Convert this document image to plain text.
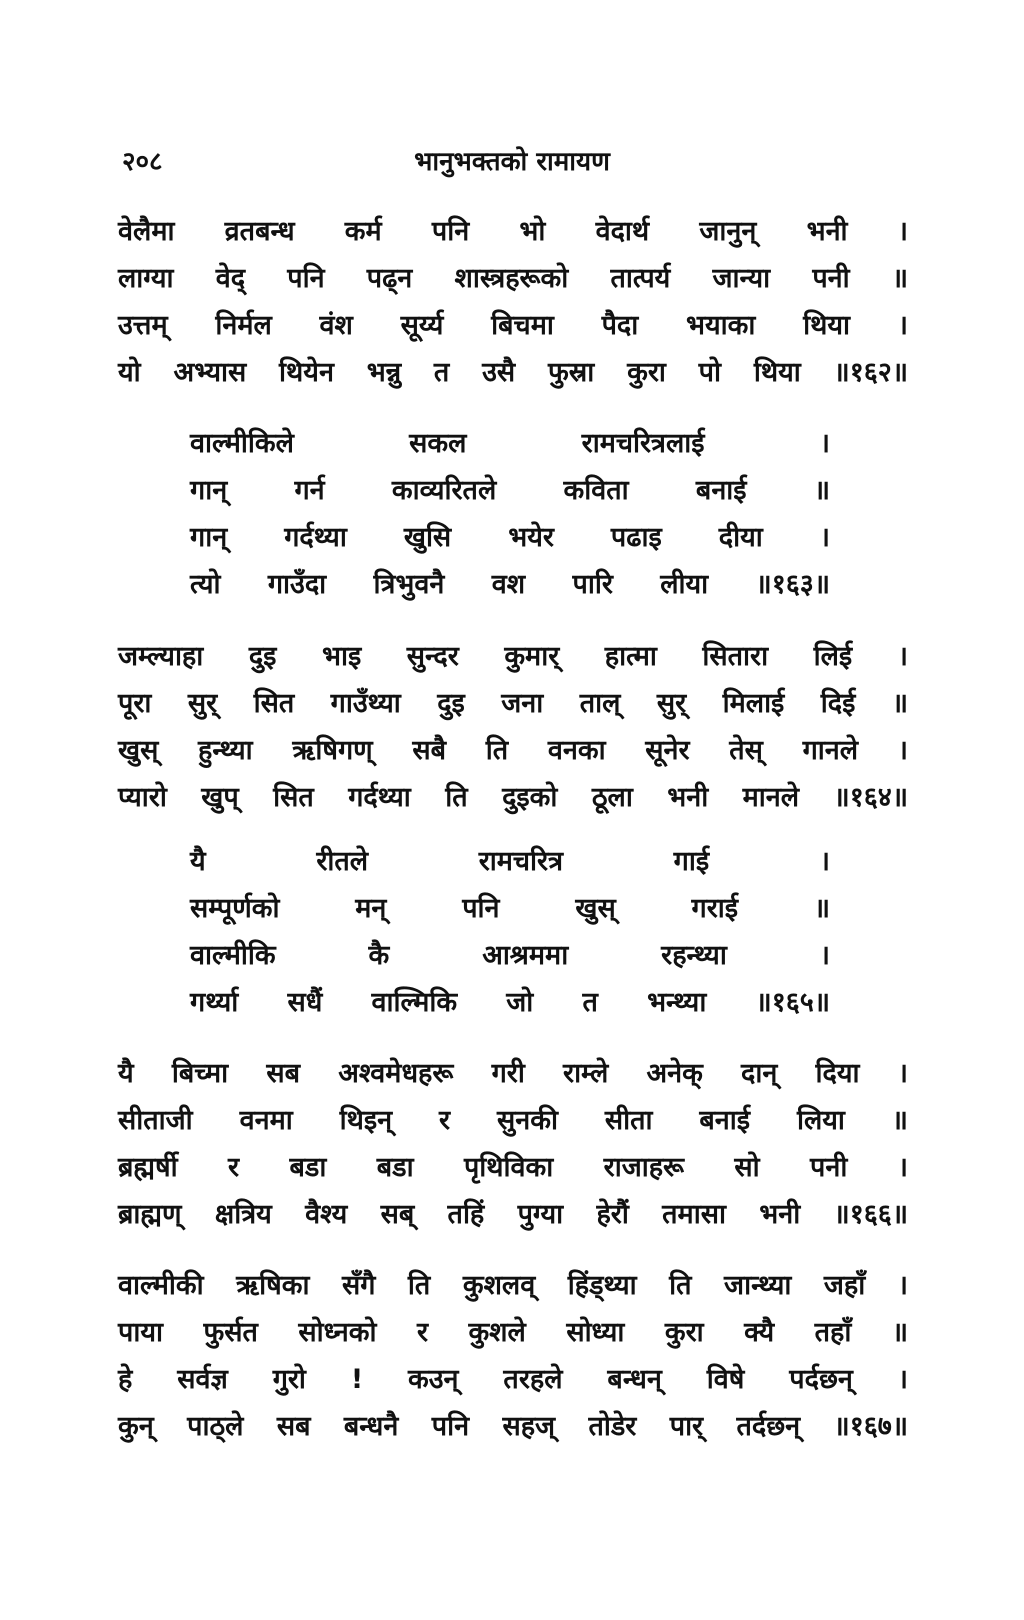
२०८	भानुभक्तको रामायण
वेलैमा व्रतबन्ध कर्म पनि भो वेदार्थ जानुन् भनी ।
लाग्या वेद् पनि पढ्न शास्त्रहरूको तात्पर्य जान्या पनी ॥
उत्तम् निर्मल वंश सूर्य्य बिचमा पैदा भयाका थिया ।
यो अभ्यास थियेन भन्नु त उसै फुस्रा कुरा पो थिया ॥१६२॥
वाल्मीकिले सकल रामचरित्रलाई ।
गान् गर्न काव्यरितले कविता बनाई ॥
गान् गर्दथ्या खुसि भयेर पढाइ दीया ।
त्यो गाउँदा त्रिभुवनै वश पारि लीया ॥१६३॥
जम्ल्याहा दुइ भाइ सुन्दर कुमार् हात्मा सितारा लिई ।
पूरा सुर् सित गाउँथ्या दुइ जना ताल् सुर् मिलाई दिई ॥
खुस् हुन्थ्या ऋषिगण् सबै ति वनका सूनेर तेस् गानले ।
प्यारो खुप् सित गर्दथ्या ति दुइको ठूला भनी मानले ॥१६४॥
यै रीतले रामचरित्र गाई ।
सम्पूर्णको मन् पनि खुस् गराई ॥
वाल्मीकि कै आश्रममा रहन्थ्या ।
गर्थ्या सधैं वाल्मिकि जो त भन्थ्या ॥१६५॥
यै बिच्मा सब अश्वमेधहरू गरी राम्ले अनेक् दान् दिया ।
सीताजी वनमा थिइन् र सुनकी सीता बनाई लिया ॥
ब्रह्मर्षी र बडा बडा पृथिविका राजाहरू सो पनी ।
ब्राह्मण् क्षत्रिय वैश्य सब् तहिं पुग्या हेरौं तमासा भनी ॥१६६॥
वाल्मीकी ऋषिका सँगै ति कुशलव् हिंड्थ्या ति जान्थ्या जहाँ ।
पाया फुर्सत सोध्नको र कुशले सोध्या कुरा क्यै तहाँ ॥
हे सर्वज्ञ गुरो ! कउन् तरहले बन्धन् विषे पर्दछन् ।
कुन् पाठ्ले सब बन्धनै पनि सहज् तोडेर पार् तर्दछन् ॥१६७॥
